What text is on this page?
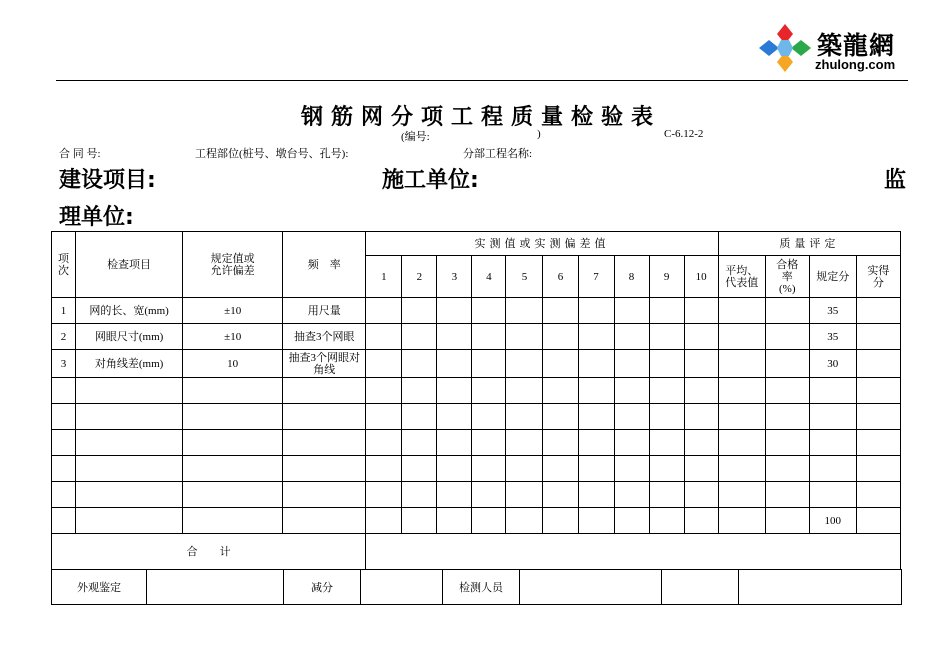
築龍網
zhulong.com
钢筋网分项工程质量检验表
(编号:	)	C-6.12-2
合 同 号:	工程部位(桩号、墩台号、孔号):	分部工程名称:
建设项目:	施工单位:	监
理单位:
项次	检查项目	规定值或允许偏差	频　率	实测值或实测偏差值										质量评定			
				1	2	3	4	5	6	7	8	9	10	平均、代表值	合格率(%)	规定分	实得分
1	网的长、宽(mm)	±10	用尺量													35	
2	网眼尺寸(mm)	±10	抽查3个网眼													35	
3	对角线差(mm)	10	抽查3个网眼对角线													30	

																100	
合　　计																	
外观鉴定		减分		检测人员			
